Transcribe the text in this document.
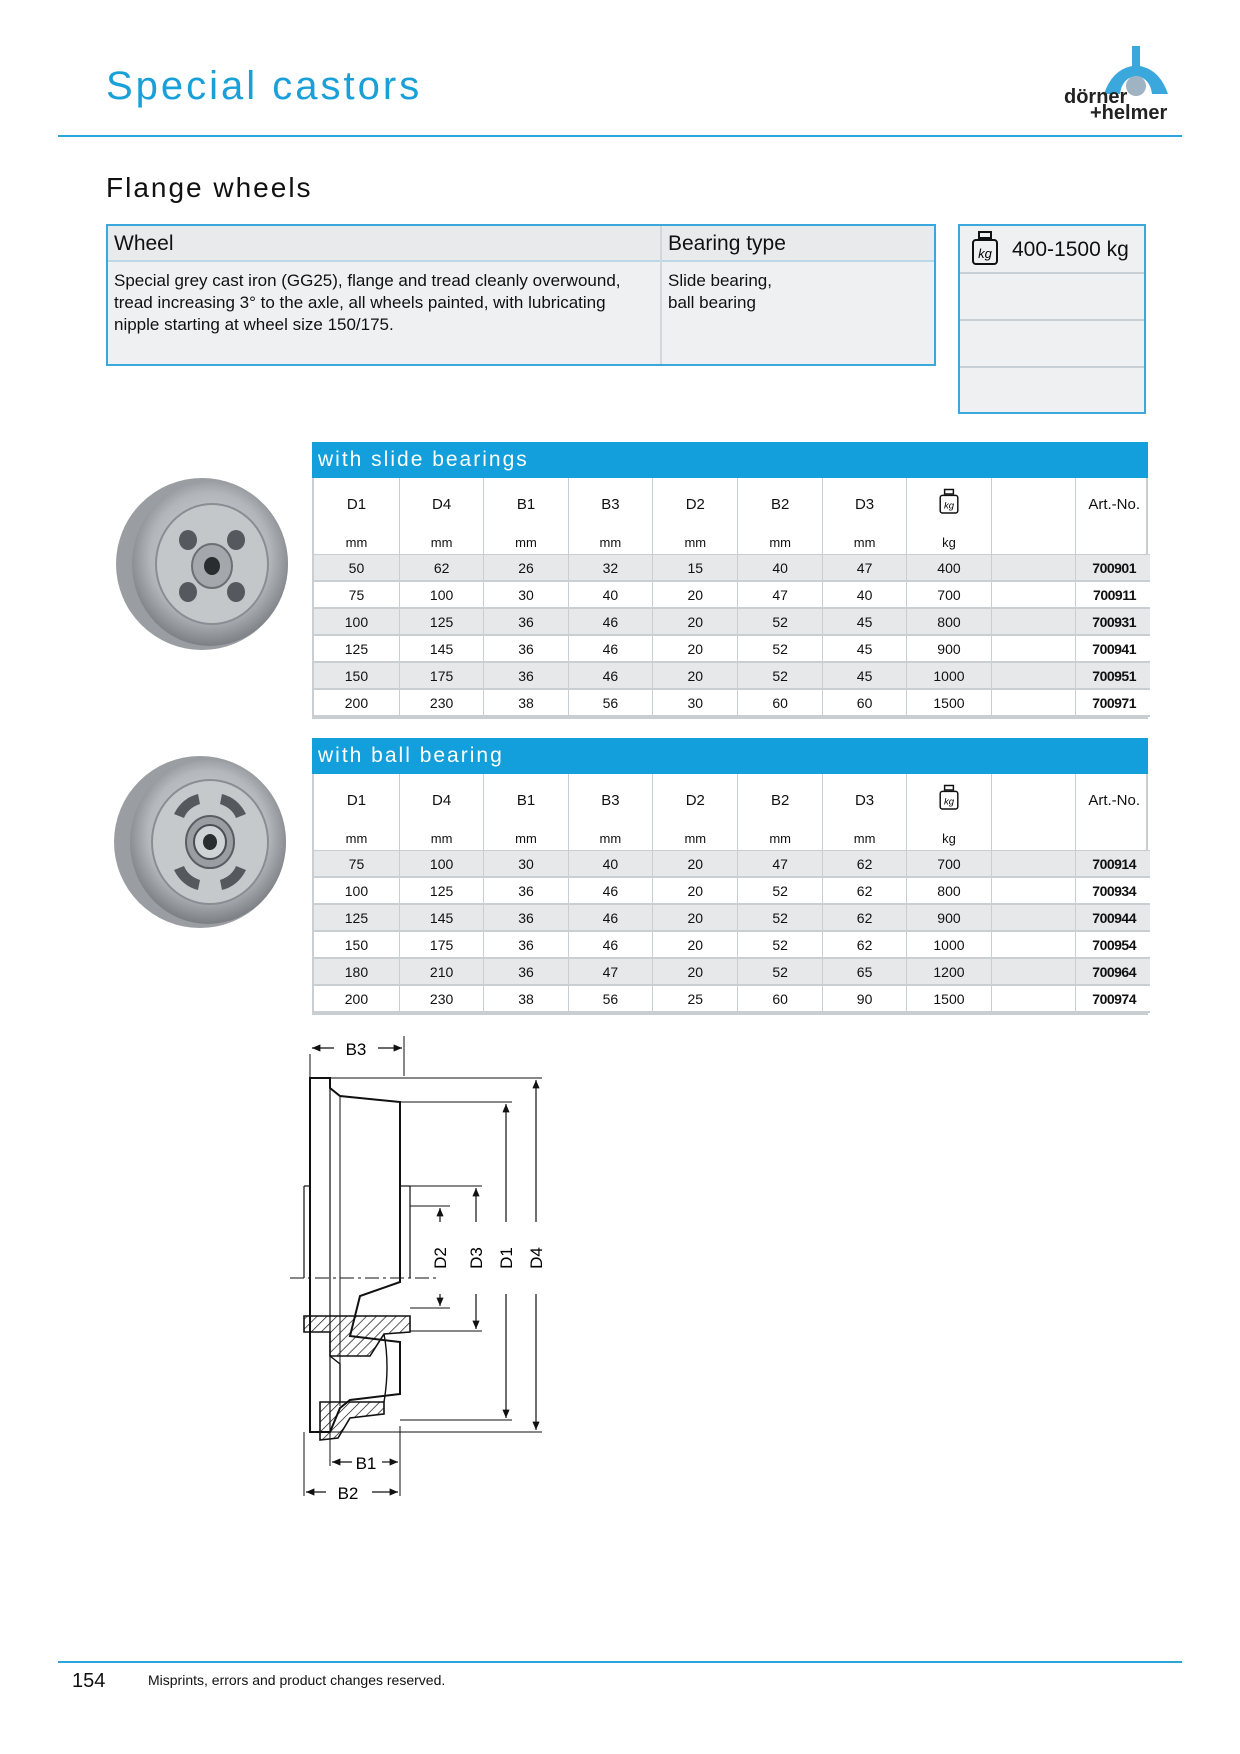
Special castors	dörner
+helmer
Flange wheels
Wheel	Bearing type
Special grey cast iron (GG25), flange and tread cleanly overwound, tread increasing 3° to the axle, all wheels painted, with lubricating nipple starting at wheel size 150/175.
Slide bearing,
ball bearing
kg 400-1500 kg
with slide bearings
D1	D4	B1	B3	D2	B2	D3	kg		Art.-No.
mm	mm	mm	mm	mm	mm	mm	kg		
50	62	26	32	15	40	47	400		700901
75	100	30	40	20	47	40	700		700911
100	125	36	46	20	52	45	800		700931
125	145	36	46	20	52	45	900		700941
150	175	36	46	20	52	45	1000		700951
200	230	38	56	30	60	60	1500		700971
with ball bearing
D1	D4	B1	B3	D2	B2	D3	kg		Art.-No.
mm	mm	mm	mm	mm	mm	mm	kg		
75	100	30	40	20	47	62	700		700914
100	125	36	46	20	52	62	800		700934
125	145	36	46	20	52	62	900		700944
150	175	36	46	20	52	62	1000		700954
180	210	36	47	20	52	65	1200		700964
200	230	38	56	25	60	90	1500		700974
B3
B1
B2
D2 D3 D1 D4
154	Misprints, errors and product changes reserved.
